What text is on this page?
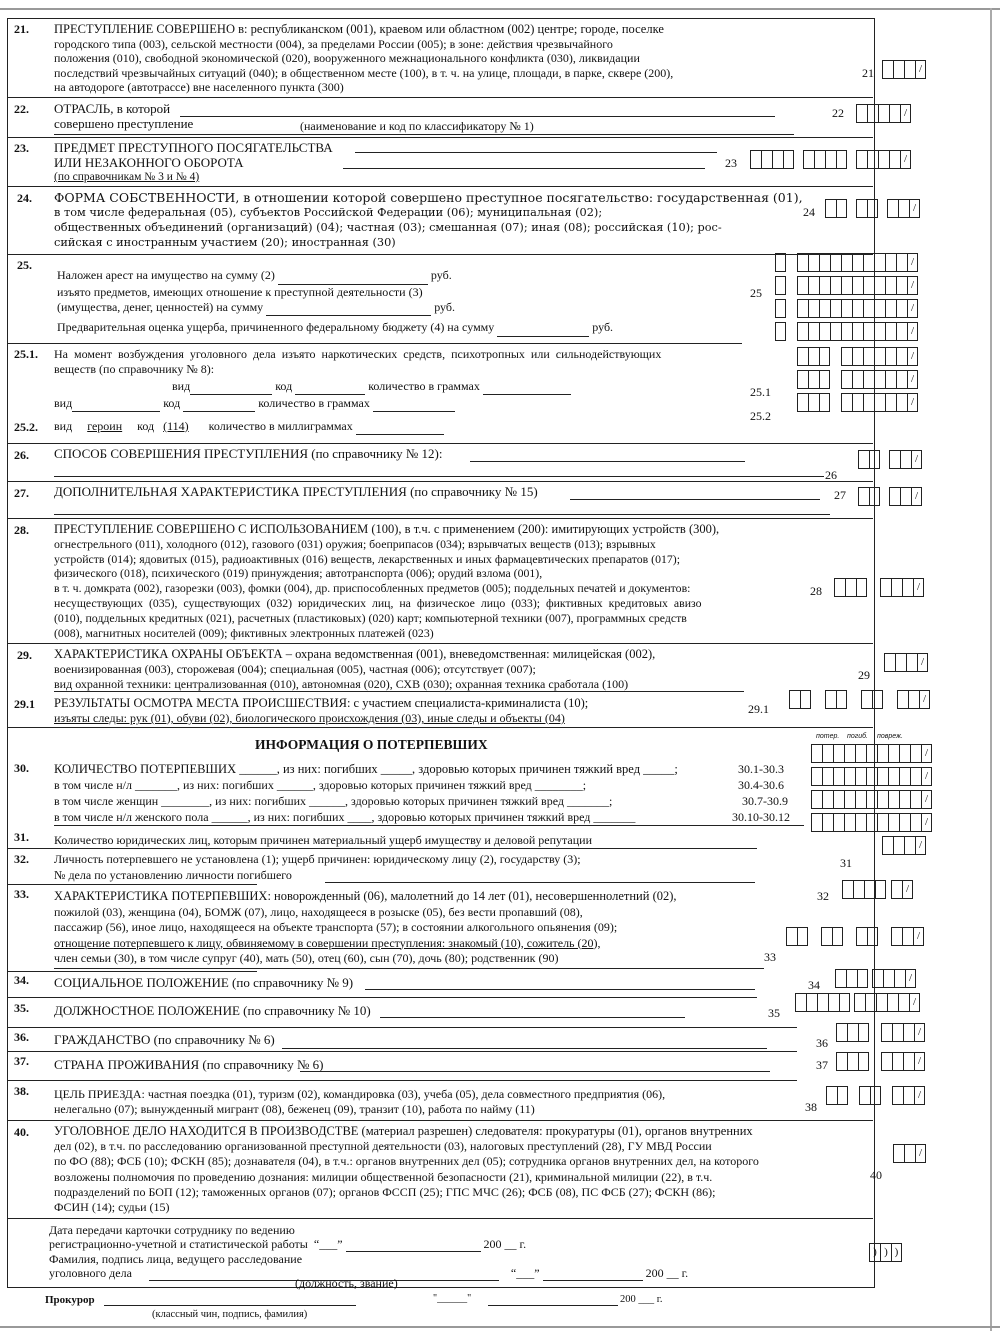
21. ПРЕСТУПЛЕНИЕ СОВЕРШЕНО в: республиканском (001), краевом или областном (002) центре; городе, поселке
городского типа (003), сельской местности (004), за пределами России (005); в зоне: действия чрезвычайного
положения (010), свободной экономической (020), вооруженного межнационального конфликта (030), ликвидации
последствий чрезвычайных ситуаций (040); в общественном месте (100), в т. ч. на улице, площади, в парке, сквере (200),
на автодороге (автотрассе) вне населенного пункта (300)
21	/
22. ОТРАСЛЬ, в которой
совершено преступление	(наименование и код по классификатору № 1)
22	/
23. ПРЕДМЕТ ПРЕСТУПНОГО ПОСЯГАТЕЛЬСТВА
ИЛИ НЕЗАКОННОГО ОБОРОТА
(по справочникам № 3 и № 4)
23	/
24. ФОРМА СОБСТВЕННОСТИ, в отношении которой совершено преступное посягательство: государственная (01),
в том числе федеральная (05), субъектов Российской Федерации (06); муниципальная (02);
общественных объединений (организаций) (04); частная (03); смешанная (07); иная (08); российская (10); рос-
сийская с иностранным участием (20); иностранная (30)
24	/
25.
Наложен арест на имущество на сумму (2)	руб.
изъято предметов, имеющих отношение к преступной деятельности (3)
(имущества, денег, ценностей) на сумму	руб.
Предварительная оценка ущерба, причиненного федеральному бюджету (4) на сумму	руб.
25
/
/
/
/
25.1. На момент возбуждения уголовного дела изъято наркотических средств, психотропных или сильнодействующих
веществ (по справочнику № 8):
вид	код	количество в граммах
вид	код	количество в граммах
25.1
25.2. вид героин код (114) количество в миллиграммах
25.2
/
/
/
26. СПОСОБ СОВЕРШЕНИЯ ПРЕСТУПЛЕНИЯ (по справочнику № 12):
26
/
27. ДОПОЛНИТЕЛЬНАЯ ХАРАКТЕРИСТИКА ПРЕСТУПЛЕНИЯ (по справочнику № 15)	27	/
28. ПРЕСТУПЛЕНИЕ СОВЕРШЕНО С ИСПОЛЬЗОВАНИЕМ (100), в т.ч. с применением (200): имитирующих устройств (300),
огнестрельного (011), холодного (012), газового (031) оружия; боеприпасов (034); взрывчатых веществ (013); взрывных
устройств (014); ядовитых (015), радиоактивных (016) веществ, лекарственных и иных фармацевтических препаратов (017);
физического (018), психического (019) принуждения; автотранспорта (006); орудий взлома (001),
в т. ч. домкрата (002), газорезки (003), фомки (004), др. приспособленных предметов (005); поддельных печатей и документов:
несуществующих (035), существующих (032) юридических лиц, на физическое лицо (033); фиктивных кредитовых авизо
(010), поддельных кредитных (021), расчетных (пластиковых) (020) карт; компьютерной техники (007), программных средств
(008), магнитных носителей (009); фиктивных электронных платежей (023)
28	/
29. ХАРАКТЕРИСТИКА ОХРАНЫ ОБЪЕКТА – охрана ведомственная (001), вневедомственная: милицейская (002),
военизированная (003), сторожевая (004); специальная (005), частная (006); отсутствует (007);
вид охранной техники: централизованная (010), автономная (020), СХВ (030); охранная техника сработала (100)
29
/
29.1 РЕЗУЛЬТАТЫ ОСМОТРА МЕСТА ПРОИСШЕСТВИЯ: с участием специалиста-криминалиста (10);
изъяты следы: рук (01), обуви (02), биологического происхождения (03), иные следы и объекты (04)
29.1
/
ИНФОРМАЦИЯ О ПОТЕРПЕВШИХ
потер. погиб. поврeж.
30. КОЛИЧЕСТВО ПОТЕРПЕВШИХ ______, из них: погибших _____, здоровью которых причинен тяжкий вред _____;
в том числе н/л _______, из них: погибших ______, здоровью которых причинен тяжкий вред ________;
в том числе женщин ________, из них: погибших ______, здоровью которых причинен тяжкий вред _______;
в том числе н/л женского пола ______, из них: погибших ____, здоровью которых причинен тяжкий вред _______
30.1-30.3
30.4-30.6
30.7-30.9
30.10-30.12
/
/
/
/
/
31. Количество юридических лиц, которым причинен материальный ущерб имуществу и деловой репутации
31
32. Личность потерпевшего не установлена (1); ущерб причинен: юридическому лицу (2), государству (3);
№ дела по установлению личности погибшего
32	/
33. ХАРАКТЕРИСТИКА ПОТЕРПЕВШИХ: новорожденный (06), малолетний до 14 лет (01), несовершеннолетний (02),
пожилой (03), женщина (04), БОМЖ (07), лицо, находящееся в розыске (05), без вести пропавший (08),
пассажир (56), иное лицо, находящееся на объекте транспорта (57); в состоянии алкогольного опьянения (09);
отнощение потерпевшего к лицу, обвиняемому в совершении преступления: знакомый (10), сожитель (20),
член семьи (30), в том числе супруг (40), мать (50), отец (60), сын (70), дочь (80); родственник (90)	33
/
34. СОЦИАЛЬНОЕ ПОЛОЖЕНИЕ (по справочнику № 9)	34	/
35. ДОЛЖНОСТНОЕ ПОЛОЖЕНИЕ (по справочнику № 10)	35
/
36. ГРАЖДАНСТВО (по справочнику № 6)	36
/
37. СТРАНА ПРОЖИВАНИЯ (по справочнику № 6)	37	/
38. ЦЕЛЬ ПРИЕЗДА: частная поездка (01), туризм (02), командировка (03), учеба (05), дела совместного предприятия (06),
нелегально (07); вынужденный мигрант (08), беженец (09), транзит (10), работа по найму (11)	38
/
40. УГОЛОВНОЕ ДЕЛО НАХОДИТСЯ В ПРОИЗВОДСТВЕ (материал разрешен) следователя: прокуратуры (01), органов внутренних
дел (02), в т.ч. по расследованию организованной преступной деятельности (03), налоговых преступлений (28), ГУ МВД России
по ФО (88); ФСБ (10); ФСКН (85); дознавателя (04), в т.ч.: органов внутренних дел (05); сотрудника органов внутренних дел, на которого
возложены полномочия по проведению дознания: милиции общественной безопасности (21), криминальной милиции (22), в т.ч.
подразделений по БОП (12); таможенных органов (07); органов ФССП (25); ГПС МЧС (26); ФСБ (08), ПС ФСБ (27); ФСКН (86);
ФСИН (14); судьи (15)
40
/
Дата передачи карточки сотруднику по ведению
регистрационно-учетной и статистической работы “___”	200 __ г.
Фамилия, подпись лица, ведущего расследование
уголовного дела	“___”	200 __ г.
(должность, звание)
) ) )
Прокурор
(классный чин, подпись, фамилия)
"______"	200 ___ г.
